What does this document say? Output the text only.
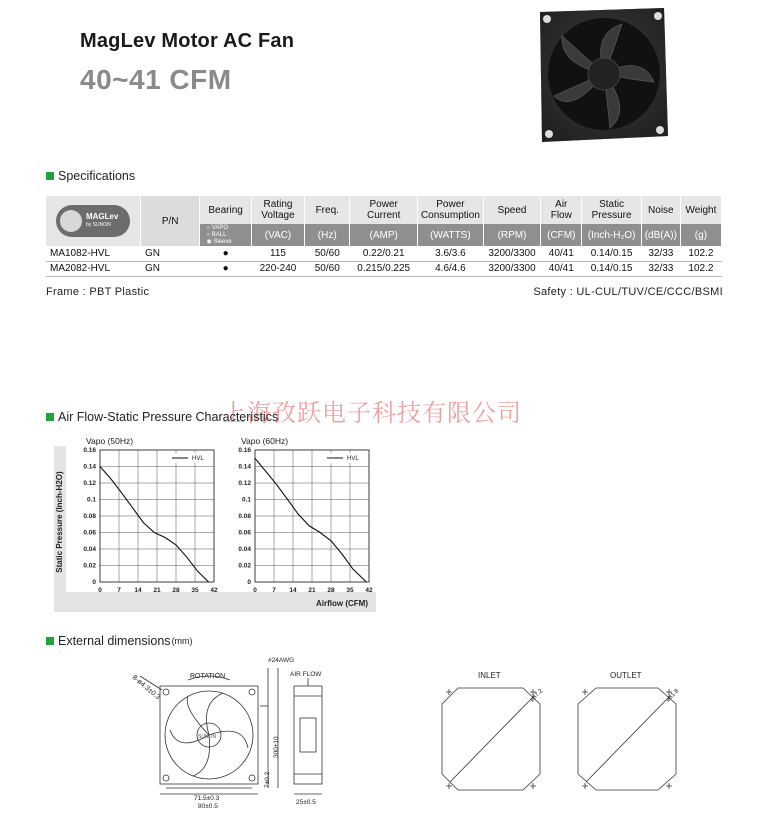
MagLev Motor AC Fan
40~41 CFM
Specifications
MAGLev
by SUNON	P/N	Bearing	Rating Voltage	Freq.	Power Current	Power Consumption	Speed	Air Flow	Static Pressure	Noise	Weight

		○ VAPO
○ BALL
◉ Sleeve	(VAC)	(Hz)	(AMP)	(WATTS)	(RPM)	(CFM)	(Inch-H₂O)	(dB(A))	(g)
MA1082-HVL	GN	●	115	50/60	0.22/0.21	3.6/3.6	3200/3300	40/41	0.14/0.15	32/33	102.2
MA2082-HVL	GN	●	220-240	50/60	0.215/0.225	4.6/4.6	3200/3300	40/41	0.14/0.15	32/33	102.2
Frame : PBT Plastic	Safety : UL-CUL/TUV/CE/CCC/BSMI
上海孜跃电子科技有限公司
Air Flow-Static Pressure Characteristics
0 7 14 21 28 35 42
0
0.02
0.04
0.06
0.08
0.1
0.12
0.14
0.16
Vapo (50Hz)
HVL
0 7 14 21 28 35 42
0
0.02
0.04
0.06
0.08
0.1
0.12
0.14
0.16
Vapo (60Hz)
HVL
Static Pressure (Inch-H2O)
Airflow (CFM)
External dimensions (mm)
8-ø4.3±0.3	ROTATION
SUNON
71.5±0.3
80±0.5
#24AWG
300±10
7±0.2
AIR FLOW
25±0.5
INLET
ø87.2
OUTLET
ø81.8
